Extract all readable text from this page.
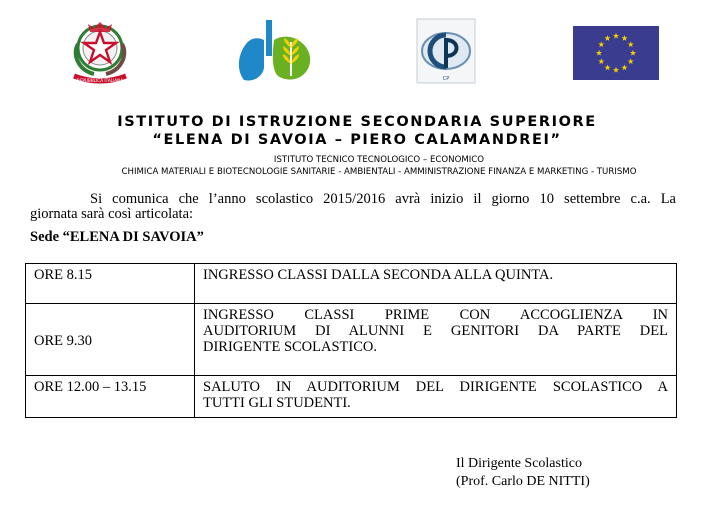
REPUBBLICA ITALIANA	CP
ISTITUTO DI ISTRUZIONE SECONDARIA SUPERIORE
“ELENA DI SAVOIA – PIERO CALAMANDREI”
ISTITUTO TECNICO TECNOLOGICO – ECONOMICO
CHIMICA MATERIALI E BIOTECNOLOGIE SANITARIE - AMBIENTALI - AMMINISTRAZIONE FINANZA E MARKETING - TURISMO
Si comunica che l’anno scolastico 2015/2016 avrà inizio il giorno 10 settembre c.a. La
giornata sarà così articolata:
Sede “ELENA DI SAVOIA”
ORE 8.15	INGRESSO CLASSI DALLA SECONDA ALLA QUINTA.
ORE 9.30	INGRESSO CLASSI PRIME CON ACCOGLIENZA IN
AUDITORIUM DI ALUNNI E GENITORI DA PARTE DEL
DIRIGENTE SCOLASTICO.

ORE 12.00 – 13.15	SALUTO IN AUDITORIUM DEL DIRIGENTE SCOLASTICO A
TUTTI GLI STUDENTI.
Il Dirigente Scolastico
(Prof. Carlo DE NITTI)
